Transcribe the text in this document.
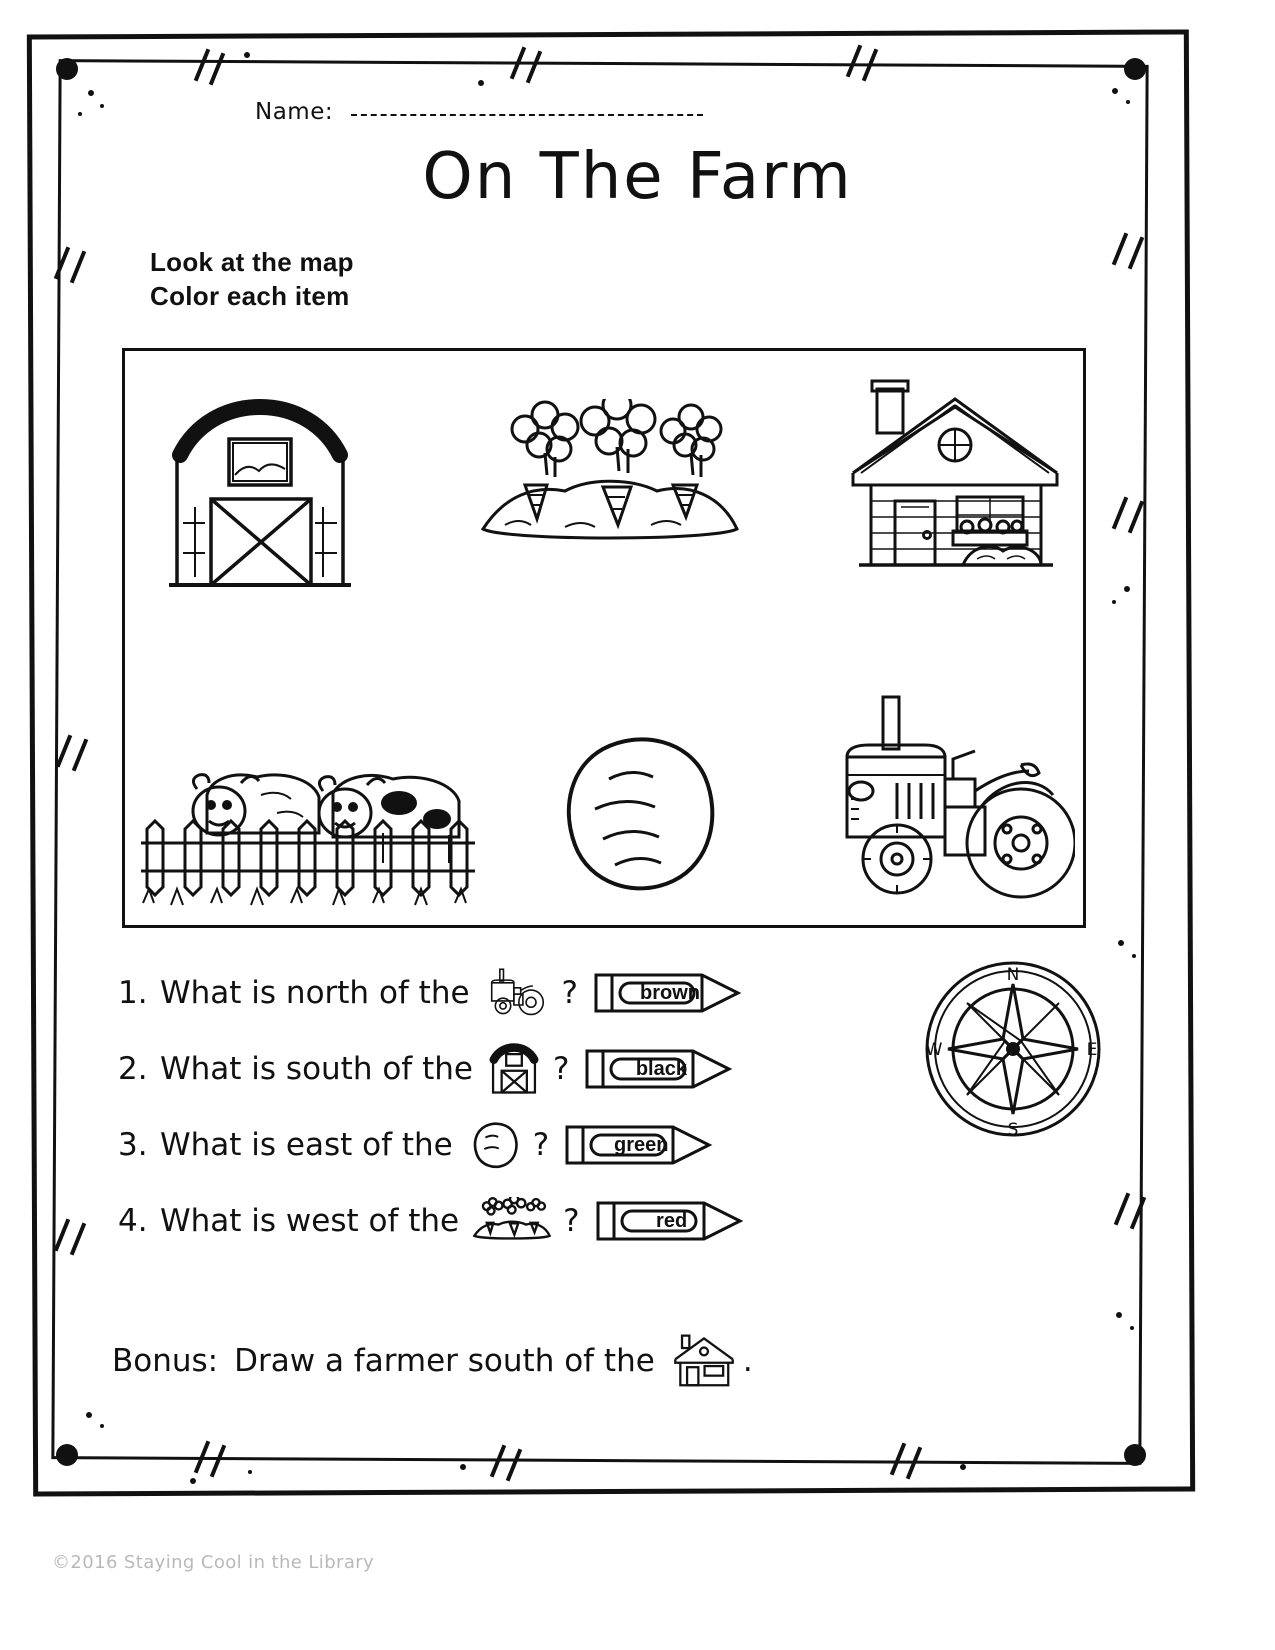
Name:
On The Farm
Look at the map
Color each item
1. What is north of the	?	brown
2. What is south of the	?	black
3. What is east of the	?	green
4. What is west of the	?	red
Bonus: Draw a farmer south of the	.
N
E
S
W
©2016 Staying Cool in the Library
